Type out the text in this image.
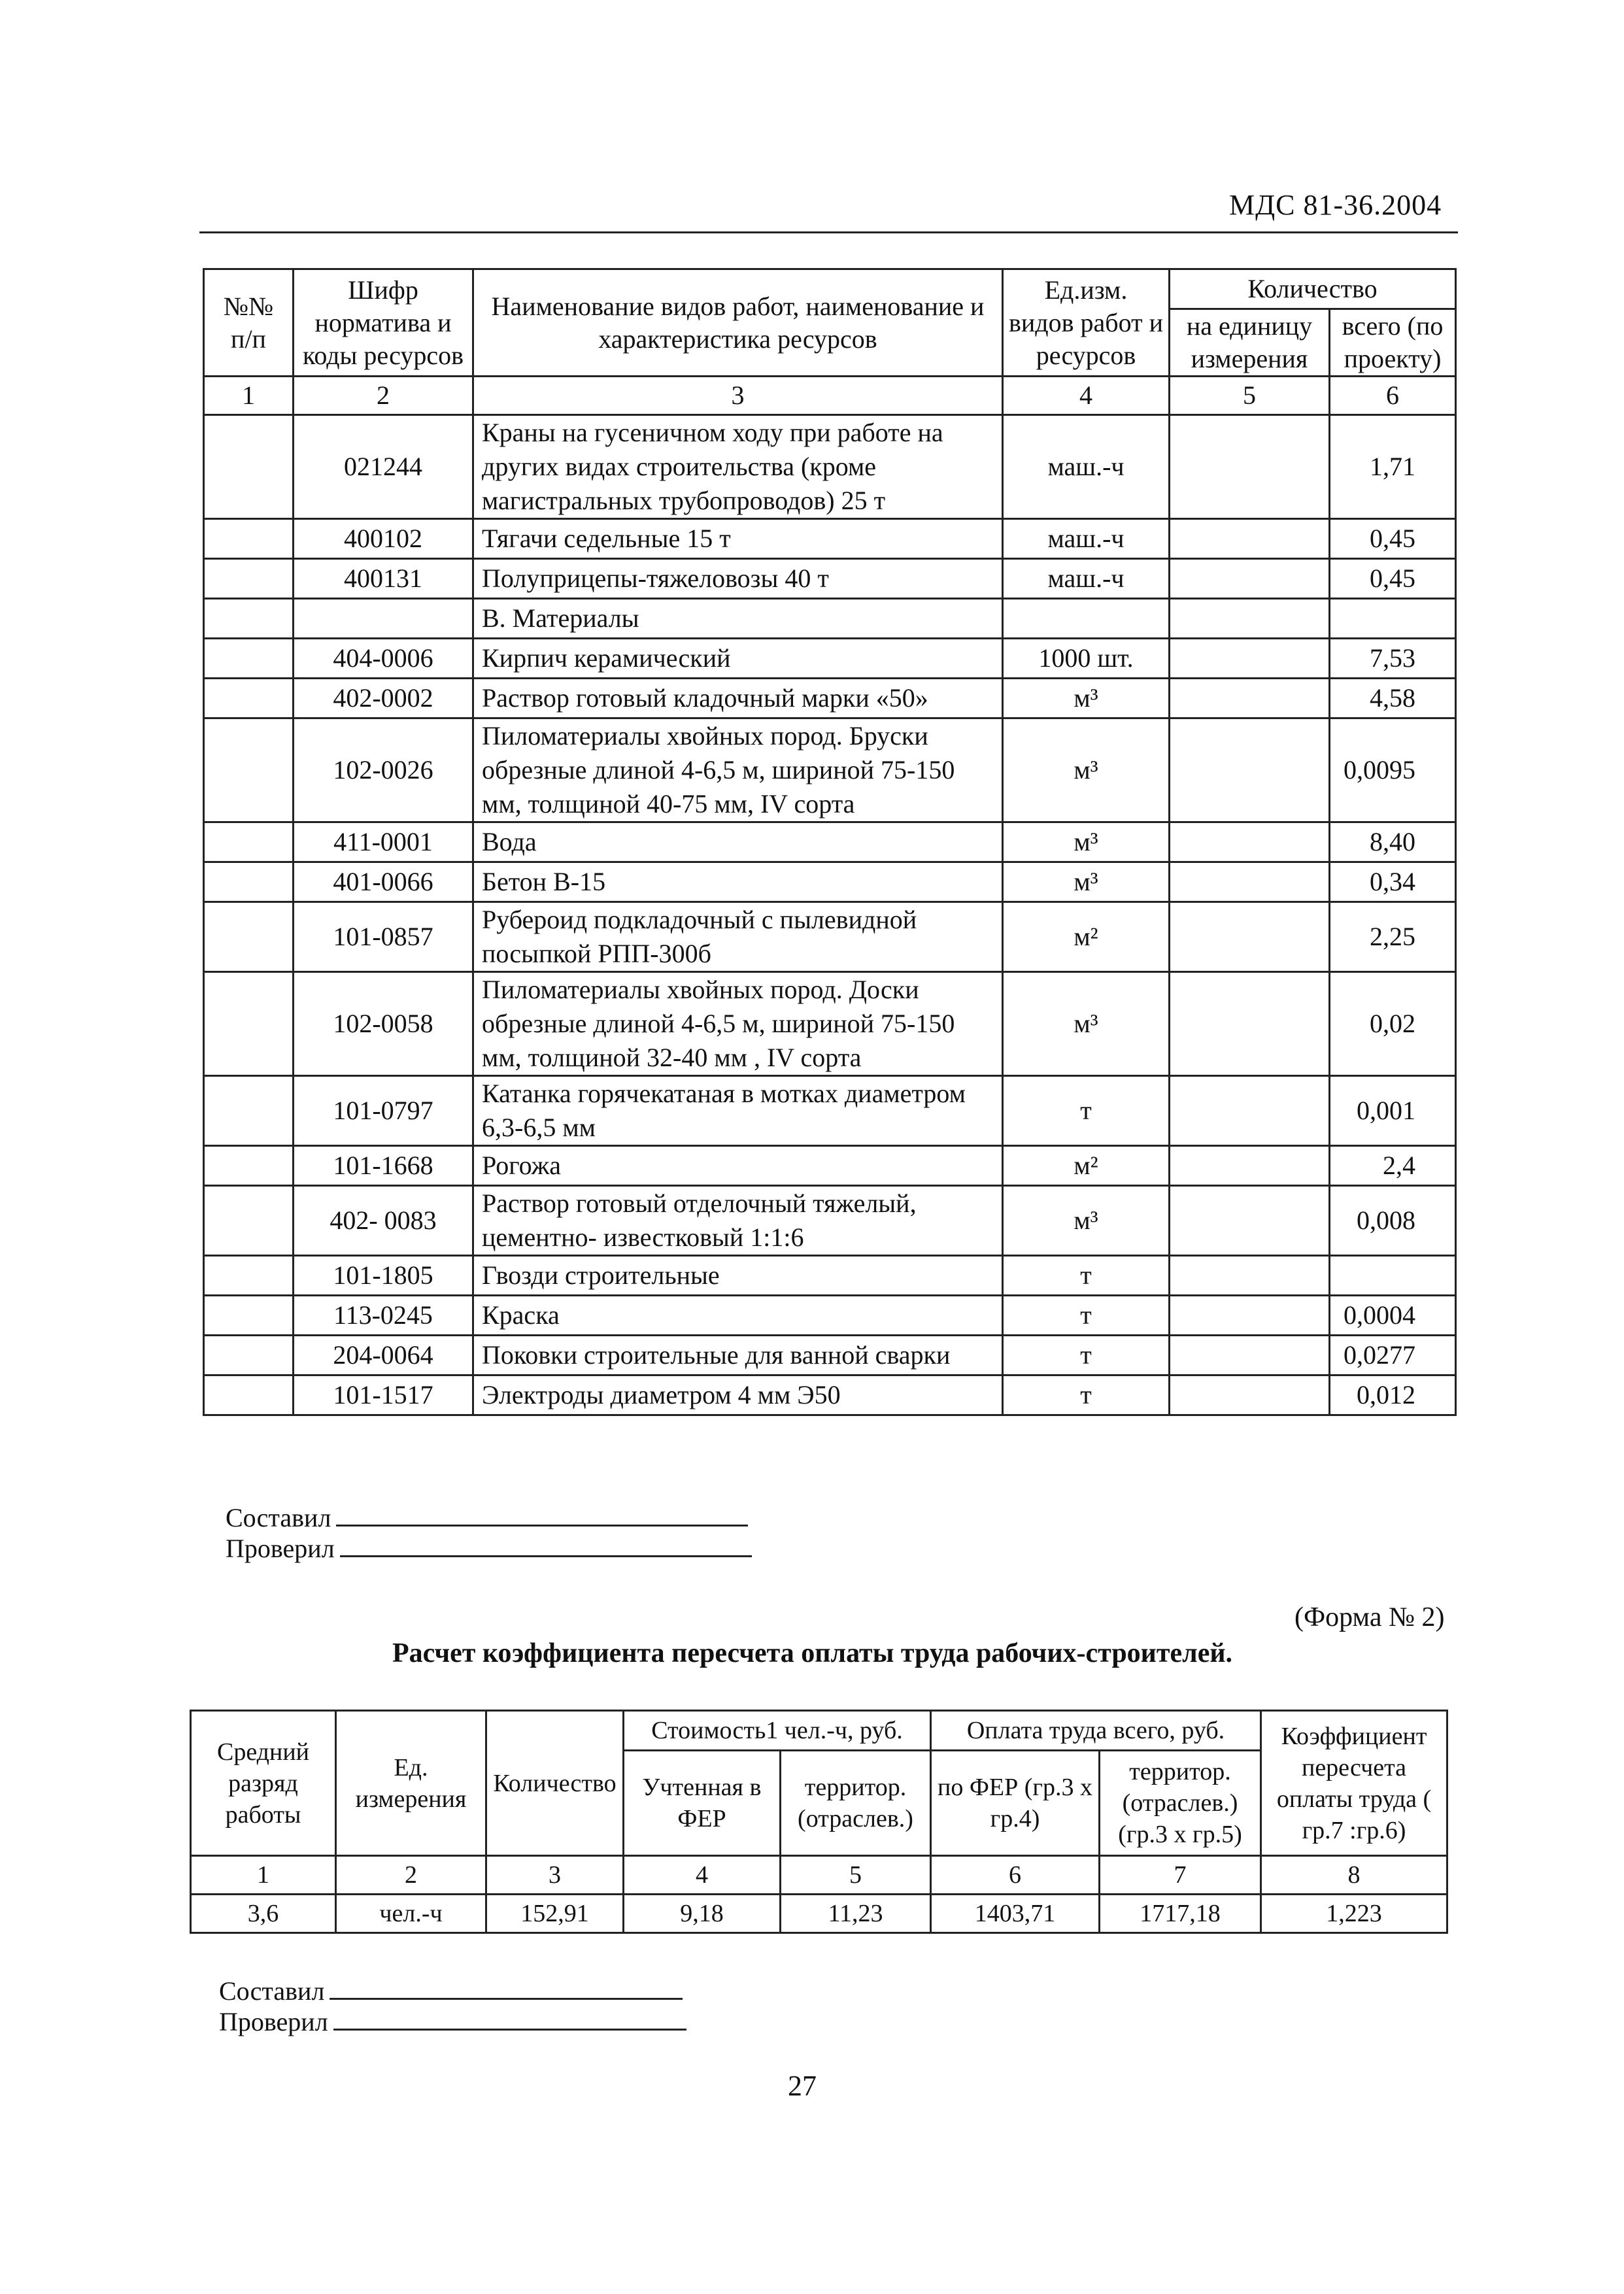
МДС 81-36.2004
№№ п/п	Шифр норматива и коды ресурсов	Наименование видов работ, наименование и характеристика ресурсов	Ед.изм. видов работ и ресурсов	Количество	
				на единицу измерения	всего (по проекту)
1	2	3	4	5	6
	021244	Краны на гусеничном ходу при работе на других видах строительства (кроме магистральных трубопроводов) 25 т	маш.-ч		1,71
	400102	Тягачи седельные 15 т	маш.-ч		0,45
	400131	Полуприцепы-тяжеловозы 40 т	маш.-ч		0,45
		В. Материалы			
	404-0006	Кирпич керамический	1000 шт.		7,53
	402-0002	Раствор готовый кладочный марки «50»	м³		4,58
	102-0026	Пиломатериалы хвойных пород. Бруски обрезные длиной 4-6,5 м, шириной 75-150 мм, толщиной 40-75 мм, IV сорта	м³		0,0095
	411-0001	Вода	м³		8,40
	401-0066	Бетон В-15	м³		0,34
	101-0857	Рубероид подкладочный с пылевидной посыпкой РПП-300б	м²		2,25
	102-0058	Пиломатериалы хвойных пород. Доски обрезные длиной 4-6,5 м, шириной 75-150 мм, толщиной 32-40 мм , IV сорта	м³		0,02
	101-0797	Катанка горячекатаная в мотках диаметром 6,3-6,5 мм	т		0,001
	101-1668	Рогожа	м²		2,4
	402- 0083	Раствор готовый отделочный тяжелый, цементно- известковый 1:1:6	м³		0,008
	101-1805	Гвозди строительные	т		
	113-0245	Краска	т		0,0004
	204-0064	Поковки строительные для ванной сварки	т		0,0277
	101-1517	Электроды диаметром 4 мм Э50	т		0,012
Составил
Проверил
(Форма № 2)
Расчет коэффициента пересчета оплаты труда рабочих-строителей.
Средний разряд работы	Ед. измерения	Количество	Стоимость1 чел.-ч, руб.		Оплата труда всего, руб.		Коэффициент пересчета оплаты труда ( гр.7 :гр.6)
			Учтенная в ФЕР	территор. (отраслев.)	по ФЕР (гр.3 х гр.4)	территор. (отраслев.) (гр.3 х гр.5)	
1	2	3	4	5	6	7	8
3,6	чел.-ч	152,91	9,18	11,23	1403,71	1717,18	1,223
Составил
Проверил
27
